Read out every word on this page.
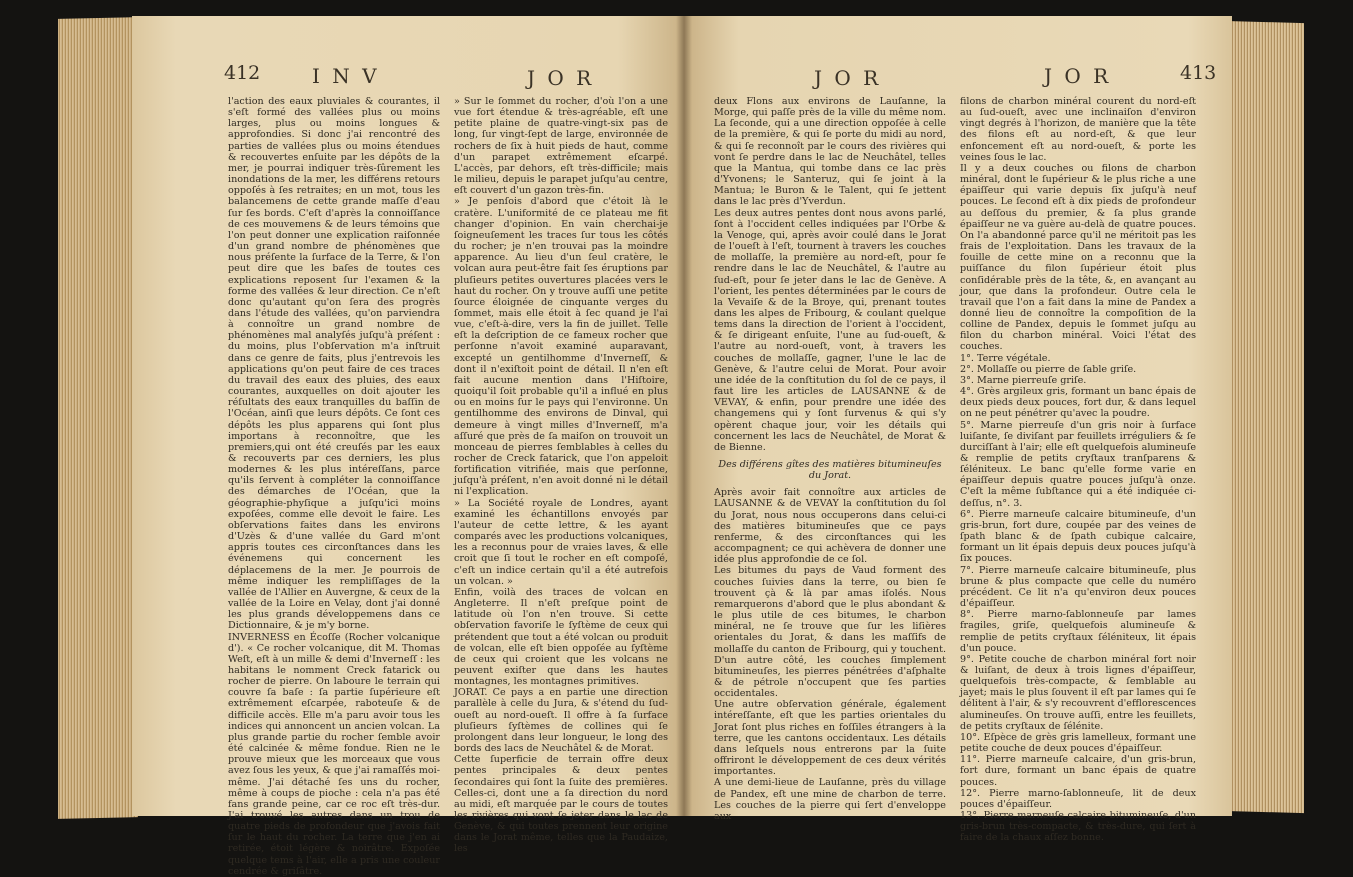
412	I N V	J O R

l'action des eaux pluviales & courantes, il s'eſt formé des vallées plus ou moins larges, plus ou moins longues & approfondies. Si donc j'ai rencontré des parties de vallées plus ou moins étendues & recouvertes enſuite par les dépôts de la mer, je pourrai indiquer très-ſûrement les inondations de la mer, les différens retours oppoſés à ſes retraites; en un mot, tous les balancemens de cette grande maſſe d'eau ſur ſes bords. C'eſt d'après la connoiſſance de ces mouvemens & de leurs témoins que l'on peut donner une explication raiſonnée d'un grand nombre de phénomènes que nous préſente la ſurface de la Terre, & l'on peut dire que les baſes de toutes ces explications reposent ſur l'examen & la forme des vallées & leur direction. Ce n'eſt donc qu'autant qu'on ſera des progrès dans l'étude des vallées, qu'on parviendra à connoître un grand nombre de phénomènes mal analyſés juſqu'à préſent : du moins, plus l'obſervation m'a inſtruit dans ce genre de faits, plus j'entrevois les applications qu'on peut faire de ces traces du travail des eaux des pluies, des eaux courantes, auxquelles on doit ajouter les réſultats des eaux tranquilles du baſſin de l'Océan, ainſi que leurs dépôts. Ce ſont ces dépôts les plus apparens qui ſont plus importans à reconnoître, que les premiers,qui ont été creuſés par les eaux & recouverts par ces derniers, les plus modernes & les plus intéreſſans, parce qu'ils ſervent à compléter la connoiſſance des démarches de l'Océan, que la géographie-phyſique a juſqu'ici moins expoſées, comme elle devoit le faire. Les obſervations faites dans les environs d'Uzès & d'une vallée du Gard m'ont appris toutes ces circonſtances dans les événemens qui concernent les déplacemens de la mer. Je pourrois de même indiquer les rempliſſages de la vallée de l'Allier en Auvergne, & ceux de la vallée de la Loire en Velay, dont j'ai donné les plus grands développemens dans ce Dictionnaire, & je m'y borne.

INVERNESS en Écoſſe (Rocher volcanique d'). « Ce rocher volcanique, dit M. Thomas Weſt, eſt à un mille & demi d'Inverneſſ : les habitans le nomment Creck fatarick ou rocher de pierre. On laboure le terrain qui couvre ſa baſe : ſa partie ſupérieure eſt extrêmement eſcarpée, raboteuſe & de difficile accès. Elle m'a paru avoir tous les indices qui annoncent un ancien volcan. La plus grande partie du rocher ſemble avoir été calcinée & même fondue. Rien ne le prouve mieux que les morceaux que vous avez ſous les yeux, & que j'ai ramaſſés moi-même. J'ai détaché ſes uns du rocher, même à coups de pioche : cela n'a pas été fans grande peine, car ce roc eſt très-dur. J'ai trouvé les autres dans un trou de quatre pieds de profondeur que j'avois fait ſur le haut du rocher. La terre que j'en ai retirée, étoit légère & noirâtre. Expoſée quelque tems à l'air, elle a pris une couleur cendrée & griſâtre.

» Sur le ſommet du rocher, d'où l'on a une vue fort étendue & très-agréable, eſt une petite plaine de quatre-vingt-six pas de long, ſur vingt-ſept de large, environnée de rochers de ſix à huit pieds de haut, comme d'un parapet extrêmement eſcarpé. L'accès, par dehors, eſt très-difficile; mais le milieu, depuis le parapet juſqu'au centre, eſt couvert d'un gazon très-fin.

» Je penſois d'abord que c'étoit là le cratère. L'uniformité de ce plateau me fit changer d'opinion. En vain cherchai-je ſoigneuſement les traces ſur tous les côtés du rocher; je n'en trouvai pas la moindre apparence. Au lieu d'un ſeul cratère, le volcan aura peut-être fait ſes éruptions par pluſieurs petites ouvertures placées vers le haut du rocher. On y trouve auſſi une petite ſource éloignée de cinquante verges du ſommet, mais elle étoit à ſec quand je l'ai vue, c'eſt-à-dire, vers la fin de juillet. Telle eſt la deſcription de ce fameux rocher que perſonne n'avoit examiné auparavant, excepté un gentilhomme d'Inverneſſ, & dont il n'exiſtoit point de détail. Il n'en eſt fait aucune mention dans l'Hiſtoire, quoiqu'il ſoit probable qu'il a influé en plus ou en moins ſur le pays qui l'environne. Un gentilhomme des environs de Dinval, qui demeure à vingt milles d'Inverneſſ, m'a aſſuré que près de ſa maiſon on trouvoit un monceau de pierres ſemblables à celles du rocher de Creck fatarick, que l'on appeloit fortification vitrifiée, mais que perſonne, juſqu'à préſent, n'en avoit donné ni le détail ni l'explication.

» La Société royale de Londres, ayant examiné les échantillons envoyés par l'auteur de cette lettre, & les ayant comparés avec les productions volcaniques, les a reconnus pour de vraies laves, & elle croit que ſi tout le rocher en eſt compoſé, c'eſt un indice certain qu'il a été autrefois un volcan. »

Enfin, voilà des traces de volcan en Angleterre. Il n'eſt preſque point de latitude où l'on n'en trouve. Si cette obſervation favoriſe le ſyſtème de ceux qui prétendent que tout a été volcan ou produit de volcan, elle eſt bien oppoſée au ſyſtème de ceux qui croient que les volcans ne peuvent exiſter que dans les hautes montagnes, les montagnes primitives.

JORAT. Ce pays a en partie une direction parallèle à celle du Jura, & s'étend du ſud-oueſt au nord-oueſt. Il offre à ſa ſurface pluſieurs ſyſtèmes de collines qui ſe prolongent dans leur longueur, le long des bords des lacs de Neuchâtel & de Morat.

Cette ſuperficie de terrain offre deux pentes principales & deux pentes ſecondaires qui ſont la ſuite des premières. Celles-ci, dont une a ſa direction du nord au midi, eſt marquée par le cours de toutes les rivières qui vont ſe jeter dans le lac de Genève, & qui toutes prennent leur origine dans le Jorat même, telles que la Paudaize, les

J O R	J O R	413

deux Flons aux environs de Lauſanne, la Morge, qui paſſe près de la ville du même nom. La ſeconde, qui a une direction oppoſée à celle de la première, & qui ſe porte du midi au nord, & qui ſe reconnoît par le cours des rivières qui vont ſe perdre dans le lac de Neuchâtel, telles que la Mantua, qui tombe dans ce lac près d'Yvonens; le Santeruz, qui ſe joint à la Mantua; le Buron & le Talent, qui ſe jettent dans le lac près d'Yverdun.

Les deux autres pentes dont nous avons parlé, ſont à l'occident celles indiquées par l'Orbe & la Venoge, qui, après avoir coulé dans le Jorat de l'oueſt à l'eſt, tournent à travers les couches de mollaſſe, la première au nord-eſt, pour ſe rendre dans le lac de Neuchâtel, & l'autre au ſud-eſt, pour ſe jeter dans le lac de Genève. A l'orient, les pentes déterminées par le cours de la Vevaiſe & de la Broye, qui, prenant toutes dans les alpes de Fribourg, & coulant quelque tems dans la direction de l'orient à l'occident, & ſe dirigeant enſuite, l'une au ſud-oueſt, & l'autre au nord-oueſt, vont, à travers les couches de mollaſſe, gagner, l'une le lac de Genève, & l'autre celui de Morat. Pour avoir une idée de la conſtitution du ſol de ce pays, il faut lire les articles de LAUSANNE & de VEVAY, & enfin, pour prendre une idée des changemens qui y ſont ſurvenus & qui s'y opèrent chaque jour, voir les détails qui concernent les lacs de Neuchâtel, de Morat & de Bienne.

Des différens gîtes des matières bitumineuſes du Jorat.

Après avoir fait connoître aux articles de LAUSANNE & de VEVAY la conſtitution du ſol du Jorat, nous nous occuperons dans celui-ci des matières bitumineuſes que ce pays renferme, & des circonſtances qui les accompagnent; ce qui achèvera de donner une idée plus approfondie de ce ſol.

Les bitumes du pays de Vaud forment des couches ſuivies dans la terre, ou bien ſe trouvent çà & là par amas iſolés. Nous remarquerons d'abord que le plus abondant & le plus utile de ces bitumes, le charbon minéral, ne ſe trouve que ſur les liſières orientales du Jorat, & dans les maſſifs de mollaſſe du canton de Fribourg, qui y touchent. D'un autre côté, les couches ſimplement bitumineuſes, les pierres pénétrées d'aſphalte & de pétrole n'occupent que ſes parties occidentales.

Une autre obſervation générale, également intéreſſante, eſt que les parties orientales du Jorat ſont plus riches en foſſiles étrangers à la terre, que les cantons occidentaux. Les détails dans leſquels nous entrerons par la ſuite offriront le développement de ces deux vérités importantes.

A une demi-lieue de Lauſanne, près du village de Pandex, eſt une mine de charbon de terre. Les couches de la pierre qui ſert d'enveloppe aux

filons de charbon minéral courent du nord-eſt au ſud-oueſt, avec une inclinaiſon d'environ vingt degrés à l'horizon, de manière que la tête des filons eſt au nord-eſt, & que leur enfoncement eſt au nord-oueſt, & porte les veines ſous le lac.

Il y a deux couches ou filons de charbon minéral, dont le ſupérieur & le plus riche a une épaiſſeur qui varie depuis ſix juſqu'à neuf pouces. Le ſecond eſt à dix pieds de profondeur au deſſous du premier, & ſa plus grande épaiſſeur ne va guère au-delà de quatre pouces. On l'a abandonné parce qu'il ne méritoit pas les frais de l'exploitation. Dans les travaux de la fouille de cette mine on a reconnu que la puiſſance du filon ſupérieur étoit plus conſidérable près de la tête, &, en avançant au jour, que dans la profondeur. Outre cela le travail que l'on a fait dans la mine de Pandex a donné lieu de connoître la compoſition de la colline de Pandex, depuis le ſommet juſqu au filon du charbon minéral. Voici l'état des couches.

1°. Terre végétale.

2°. Mollaſſe ou pierre de ſable griſe.

3°. Marne pierreuſe griſe.

4°. Grès argileux gris, formant un banc épais de deux pieds deux pouces, fort dur, & dans lequel on ne peut pénétrer qu'avec la poudre.

5°. Marne pierreuſe d'un gris noir à ſurface luiſante, ſe diviſant par feuillets irréguliers & ſe durciſſant à l'air; elle eſt quelquefois alumineuſe & remplie de petits cryſtaux tranſparens & ſéléniteux. Le banc qu'elle forme varie en épaiſſeur depuis quatre pouces juſqu'à onze. C'eſt la même ſubſtance qui a été indiquée ci-deſſus, n°. 3.

6°. Pierre marneuſe calcaire bitumineuſe, d'un gris-brun, fort dure, coupée par des veines de ſpath blanc & de ſpath cubique calcaire, formant un lit épais depuis deux pouces juſqu'à ſix pouces.

7°. Pierre marneuſe calcaire bitumineuſe, plus brune & plus compacte que celle du numéro précédent. Ce lit n'a qu'environ deux pouces d'épaiſſeur.

8°. Pierre marno-ſablonneuſe par lames fragiles, griſe, quelquefois alumineuſe & remplie de petits cryſtaux ſéléniteux, lit épais d'un pouce.

9°. Petite couche de charbon minéral fort noir & luiſant, de deux à trois lignes d'épaiſſeur, quelquefois très-compacte, & ſemblable au jayet; mais le plus ſouvent il eſt par lames qui ſe délitent à l'air, & s'y recouvrent d'efflorescences alumineuſes. On trouve auſſi, entre les feuillets, de petits cryſtaux de ſélénite.

10°. Eſpèce de grès gris lamelleux, formant une petite couche de deux pouces d'épaiſſeur.

11°. Pierre marneuſe calcaire, d'un gris-brun, fort dure, formant un banc épais de quatre pouces.

12°. Pierre marno-ſablonneuſe, lit de deux pouces d'épaiſſeur.

13°. Pierre marneuſe calcaire bitumineuſe, d'un gris-brun très-compacte, & très-dure, qui ſert à faire de la chaux aſſez bonne.
